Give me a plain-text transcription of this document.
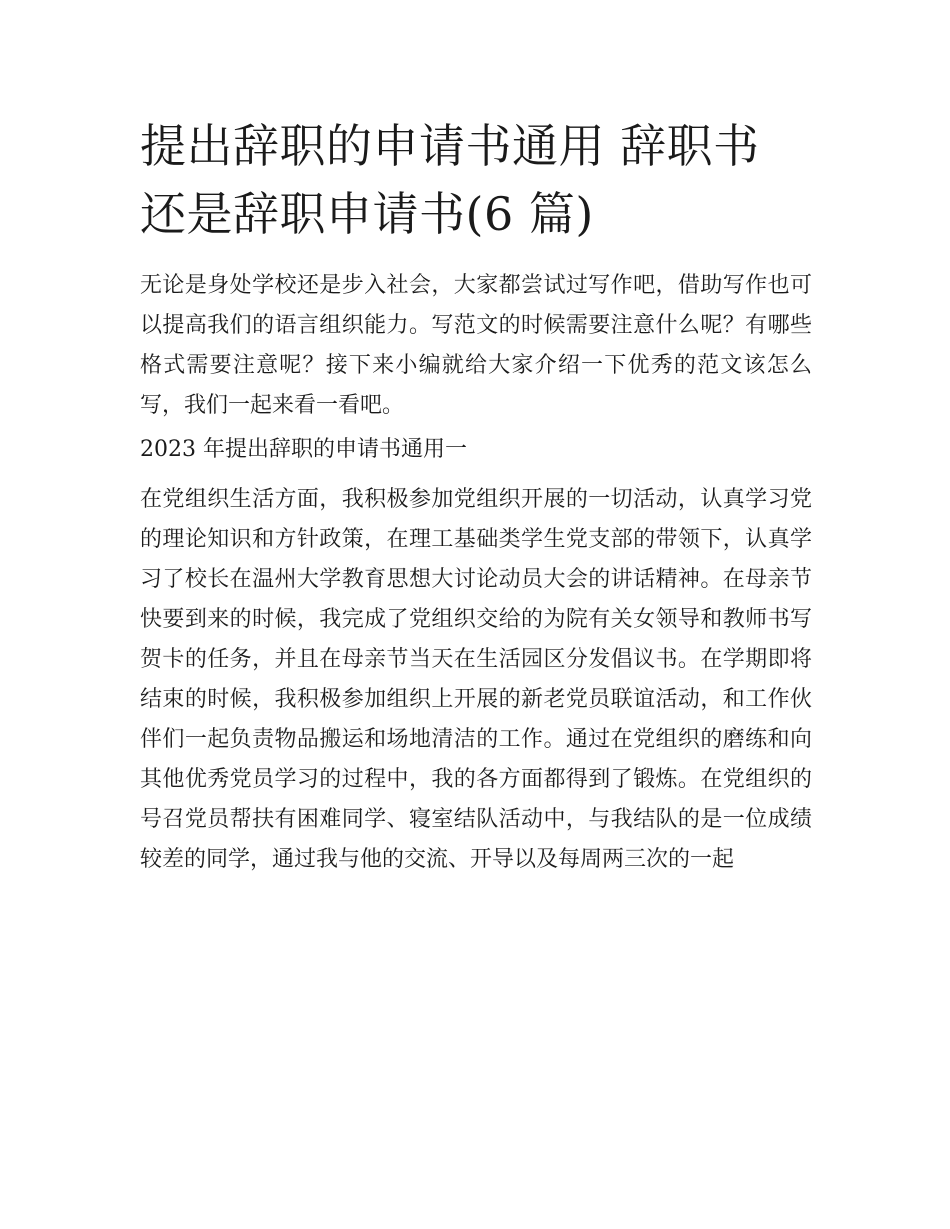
提出辞职的申请书通用 辞职书
还是辞职申请书(6 篇)

无论是身处学校还是步入社会，大家都尝试过写作吧，借助写作也可以提高我们的语言组织能力。写范文的时候需要注意什么呢？有哪些格式需要注意呢？接下来小编就给大家介绍一下优秀的范文该怎么写，我们一起来看一看吧。

2023 年提出辞职的申请书通用一

在党组织生活方面，我积极参加党组织开展的一切活动，认真学习党的理论知识和方针政策，在理工基础类学生党支部的带领下，认真学习了校长在温州大学教育思想大讨论动员大会的讲话精神。在母亲节快要到来的时候，我完成了党组织交给的为院有关女领导和教师书写贺卡的任务，并且在母亲节当天在生活园区分发倡议书。在学期即将结束的时候，我积极参加组织上开展的新老党员联谊活动，和工作伙伴们一起负责物品搬运和场地清洁的工作。通过在党组织的磨练和向其他优秀党员学习的过程中，我的各方面都得到了锻炼。在党组织的号召党员帮扶有困难同学、寝室结队活动中，与我结队的是一位成绩较差的同学，通过我与他的交流、开导以及每周两三次的一起
